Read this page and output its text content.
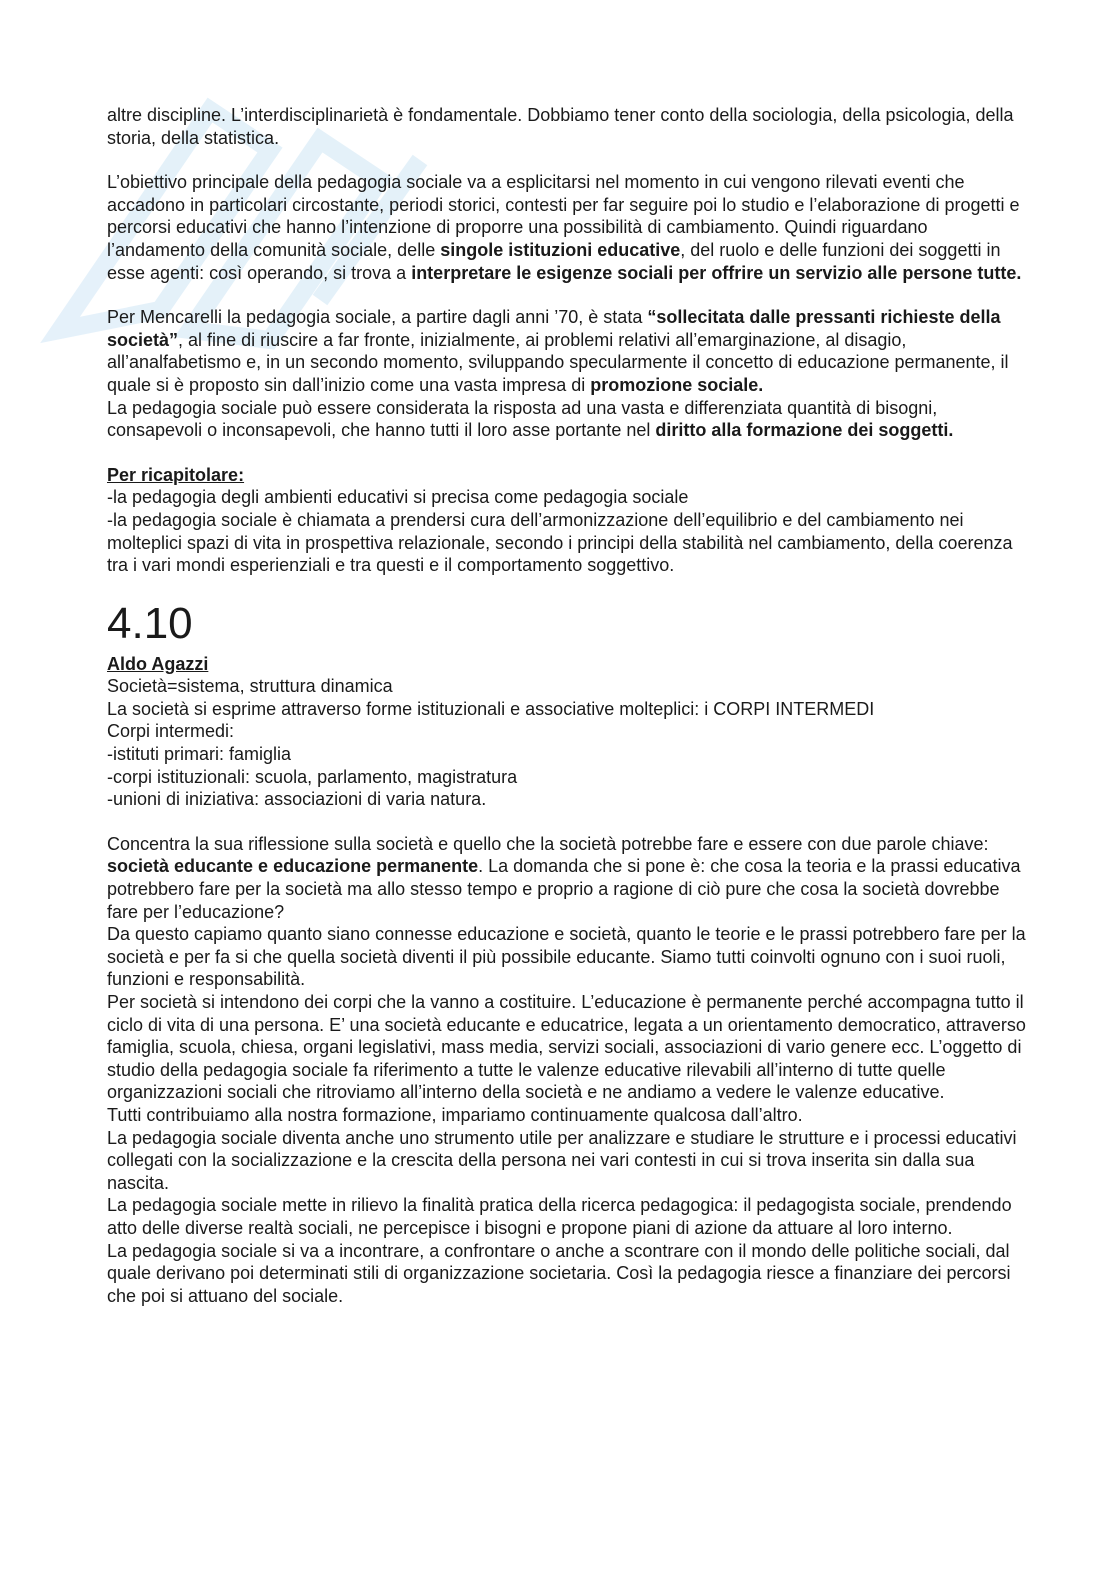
altre discipline. L’interdisciplinarietà è fondamentale. Dobbiamo tener conto della sociologia, della psicologia, della storia, della statistica.

L’obiettivo principale della pedagogia sociale va a esplicitarsi nel momento in cui vengono rilevati eventi che accadono in particolari circostante, periodi storici, contesti per far seguire poi lo studio e l’elaborazione di progetti e percorsi educativi che hanno l’intenzione di proporre una possibilità di cambiamento. Quindi riguardano l’andamento della comunità sociale, delle singole istituzioni educative, del ruolo e delle funzioni dei soggetti in esse agenti: così operando, si trova a interpretare le esigenze sociali per offrire un servizio alle persone tutte.

Per Mencarelli la pedagogia sociale, a partire dagli anni ’70, è stata “sollecitata dalle pressanti richieste della società”, al fine di riuscire a far fronte, inizialmente, ai problemi relativi all’emarginazione, al disagio, all’analfabetismo e, in un secondo momento, sviluppando specularmente il concetto di educazione permanente, il quale si è proposto sin dall’inizio come una vasta impresa di promozione sociale.

La pedagogia sociale può essere considerata la risposta ad una vasta e differenziata quantità di bisogni, consapevoli o inconsapevoli, che hanno tutti il loro asse portante nel diritto alla formazione dei soggetti.

Per ricapitolare:
-la pedagogia degli ambienti educativi si precisa come pedagogia sociale
-la pedagogia sociale è chiamata a prendersi cura dell’armonizzazione dell’equilibrio e del cambiamento nei molteplici spazi di vita in prospettiva relazionale, secondo i principi della stabilità nel cambiamento, della coerenza tra i vari mondi esperienziali e tra questi e il comportamento soggettivo.

4.10

Aldo Agazzi
Società=sistema, struttura dinamica
La società si esprime attraverso forme istituzionali e associative molteplici: i CORPI INTERMEDI
Corpi intermedi:
-istituti primari: famiglia
-corpi istituzionali: scuola, parlamento, magistratura
-unioni di iniziativa: associazioni di varia natura.

Concentra la sua riflessione sulla società e quello che la società potrebbe fare e essere con due parole chiave: società educante e educazione permanente. La domanda che si pone è: che cosa la teoria e la prassi educativa potrebbero fare per la società ma allo stesso tempo e proprio a ragione di ciò pure che cosa la società dovrebbe fare per l’educazione?

Da questo capiamo quanto siano connesse educazione e società, quanto le teorie e le prassi potrebbero fare per la società e per fa si che quella società diventi il più possibile educante. Siamo tutti coinvolti ognuno con i suoi ruoli, funzioni e responsabilità.

Per società si intendono dei corpi che la vanno a costituire. L’educazione è permanente perché accompagna tutto il ciclo di vita di una persona. E’ una società educante e educatrice, legata a un orientamento democratico, attraverso famiglia, scuola, chiesa, organi legislativi, mass media, servizi sociali, associazioni di vario genere ecc. L’oggetto di studio della pedagogia sociale fa riferimento a tutte le valenze educative rilevabili all’interno di tutte quelle organizzazioni sociali che ritroviamo all’interno della società e ne andiamo a vedere le valenze educative.

Tutti contribuiamo alla nostra formazione, impariamo continuamente qualcosa dall’altro.

La pedagogia sociale diventa anche uno strumento utile per analizzare e studiare le strutture e i processi educativi collegati con la socializzazione e la crescita della persona nei vari contesti in cui si trova inserita sin dalla sua nascita.

La pedagogia sociale mette in rilievo la finalità pratica della ricerca pedagogica: il pedagogista sociale, prendendo atto delle diverse realtà sociali, ne percepisce i bisogni e propone piani di azione da attuare al loro interno.

La pedagogia sociale si va a incontrare, a confrontare o anche a scontrare con il mondo delle politiche sociali, dal quale derivano poi determinati stili di organizzazione societaria. Così la pedagogia riesce a finanziare dei percorsi che poi si attuano del sociale.
